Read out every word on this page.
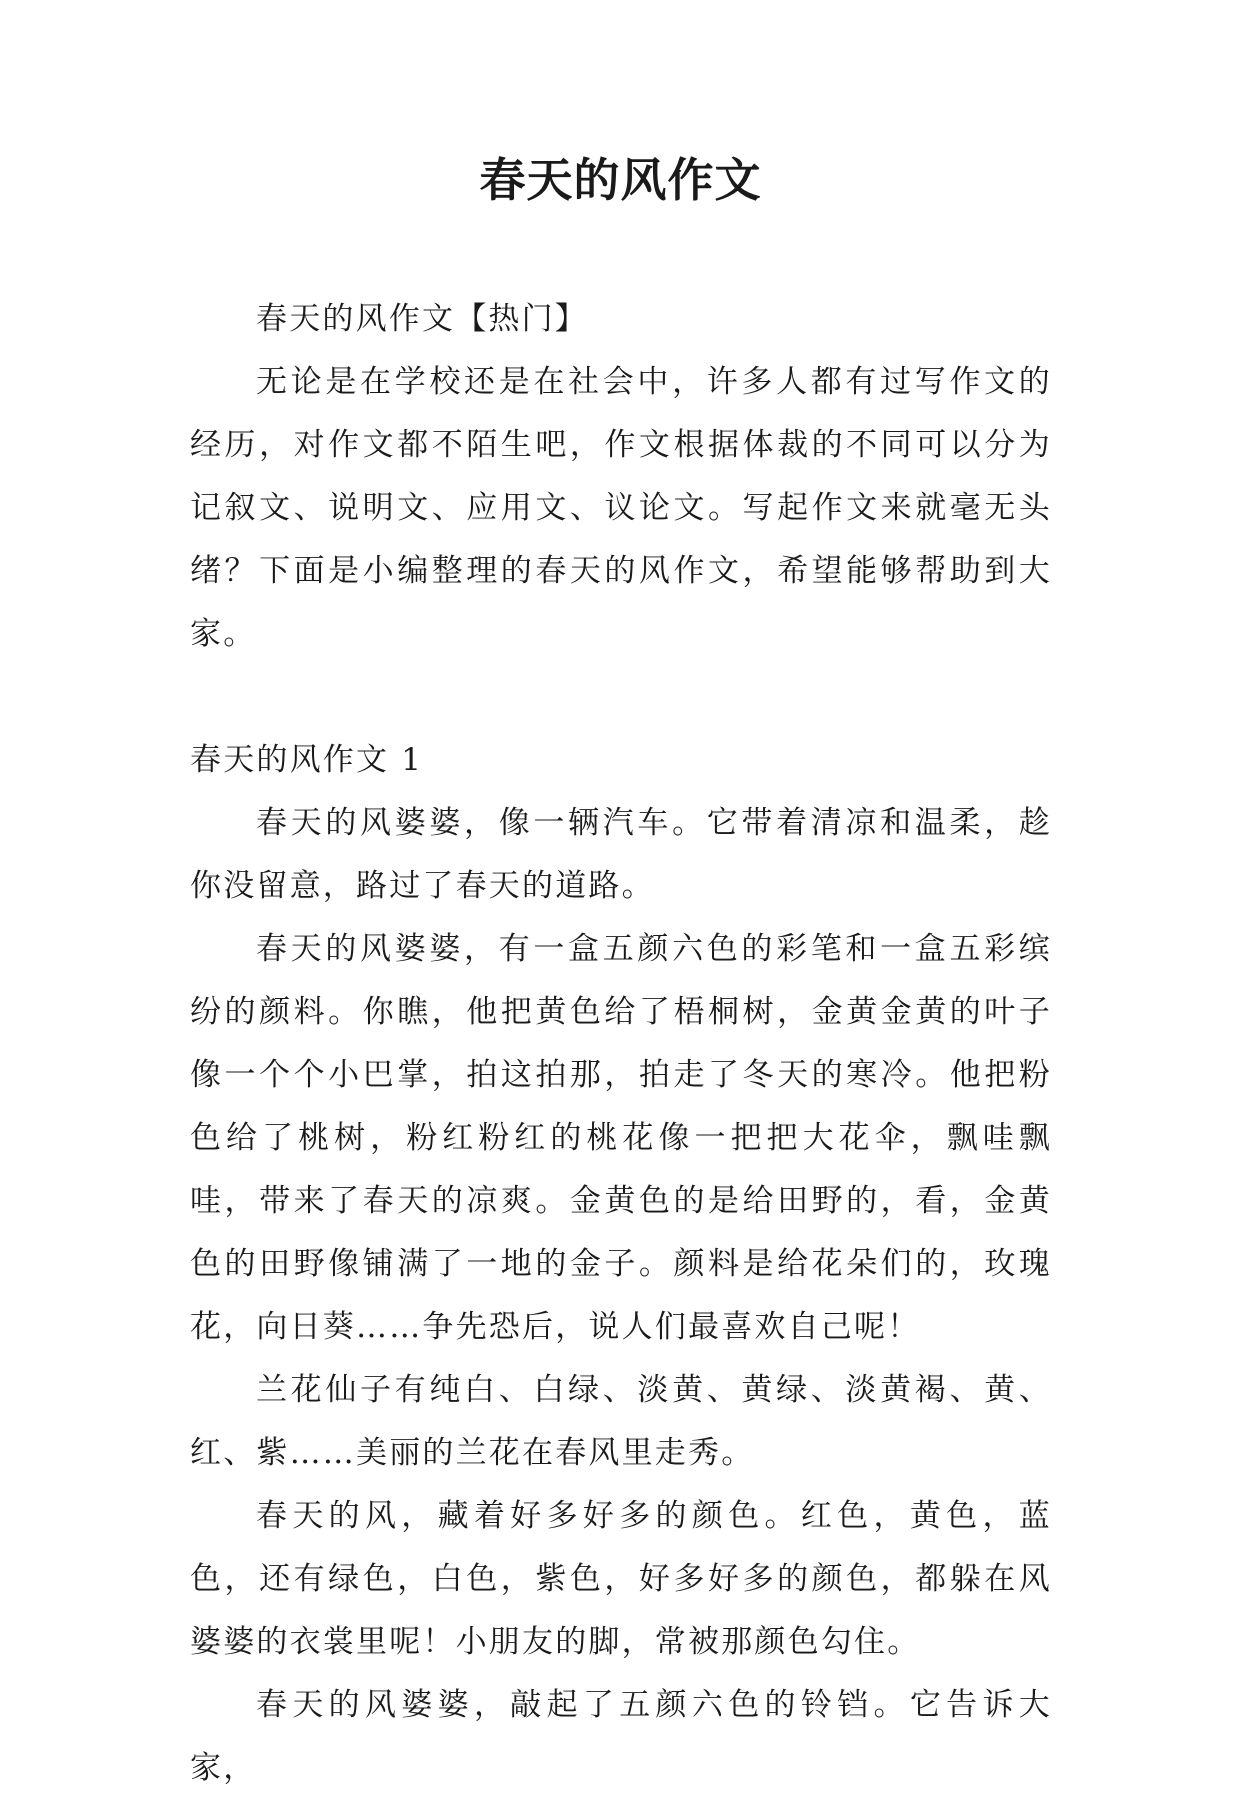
春天的风作文

春天的风作文【热门】

无论是在学校还是在社会中，许多人都有过写作文的经历，对作文都不陌生吧，作文根据体裁的不同可以分为记叙文、说明文、应用文、议论文。写起作文来就毫无头绪？下面是小编整理的春天的风作文，希望能够帮助到大家。

春天的风作文 1

春天的风婆婆，像一辆汽车。它带着清凉和温柔，趁你没留意，路过了春天的道路。

春天的风婆婆，有一盒五颜六色的彩笔和一盒五彩缤纷的颜料。你瞧，他把黄色给了梧桐树，金黄金黄的叶子像一个个小巴掌，拍这拍那，拍走了冬天的寒冷。他把粉色给了桃树，粉红粉红的桃花像一把把大花伞，飘哇飘哇，带来了春天的凉爽。金黄色的是给田野的，看，金黄色的田野像铺满了一地的金子。颜料是给花朵们的，玫瑰花，向日葵……争先恐后，说人们最喜欢自己呢！

兰花仙子有纯白、白绿、淡黄、黄绿、淡黄褐、黄、红、紫……美丽的兰花在春风里走秀。

春天的风，藏着好多好多的颜色。红色，黄色，蓝色，还有绿色，白色，紫色，好多好多的颜色，都躲在风婆婆的衣裳里呢！小朋友的脚，常被那颜色勾住。

春天的风婆婆，敲起了五颜六色的铃铛。它告诉大家，
